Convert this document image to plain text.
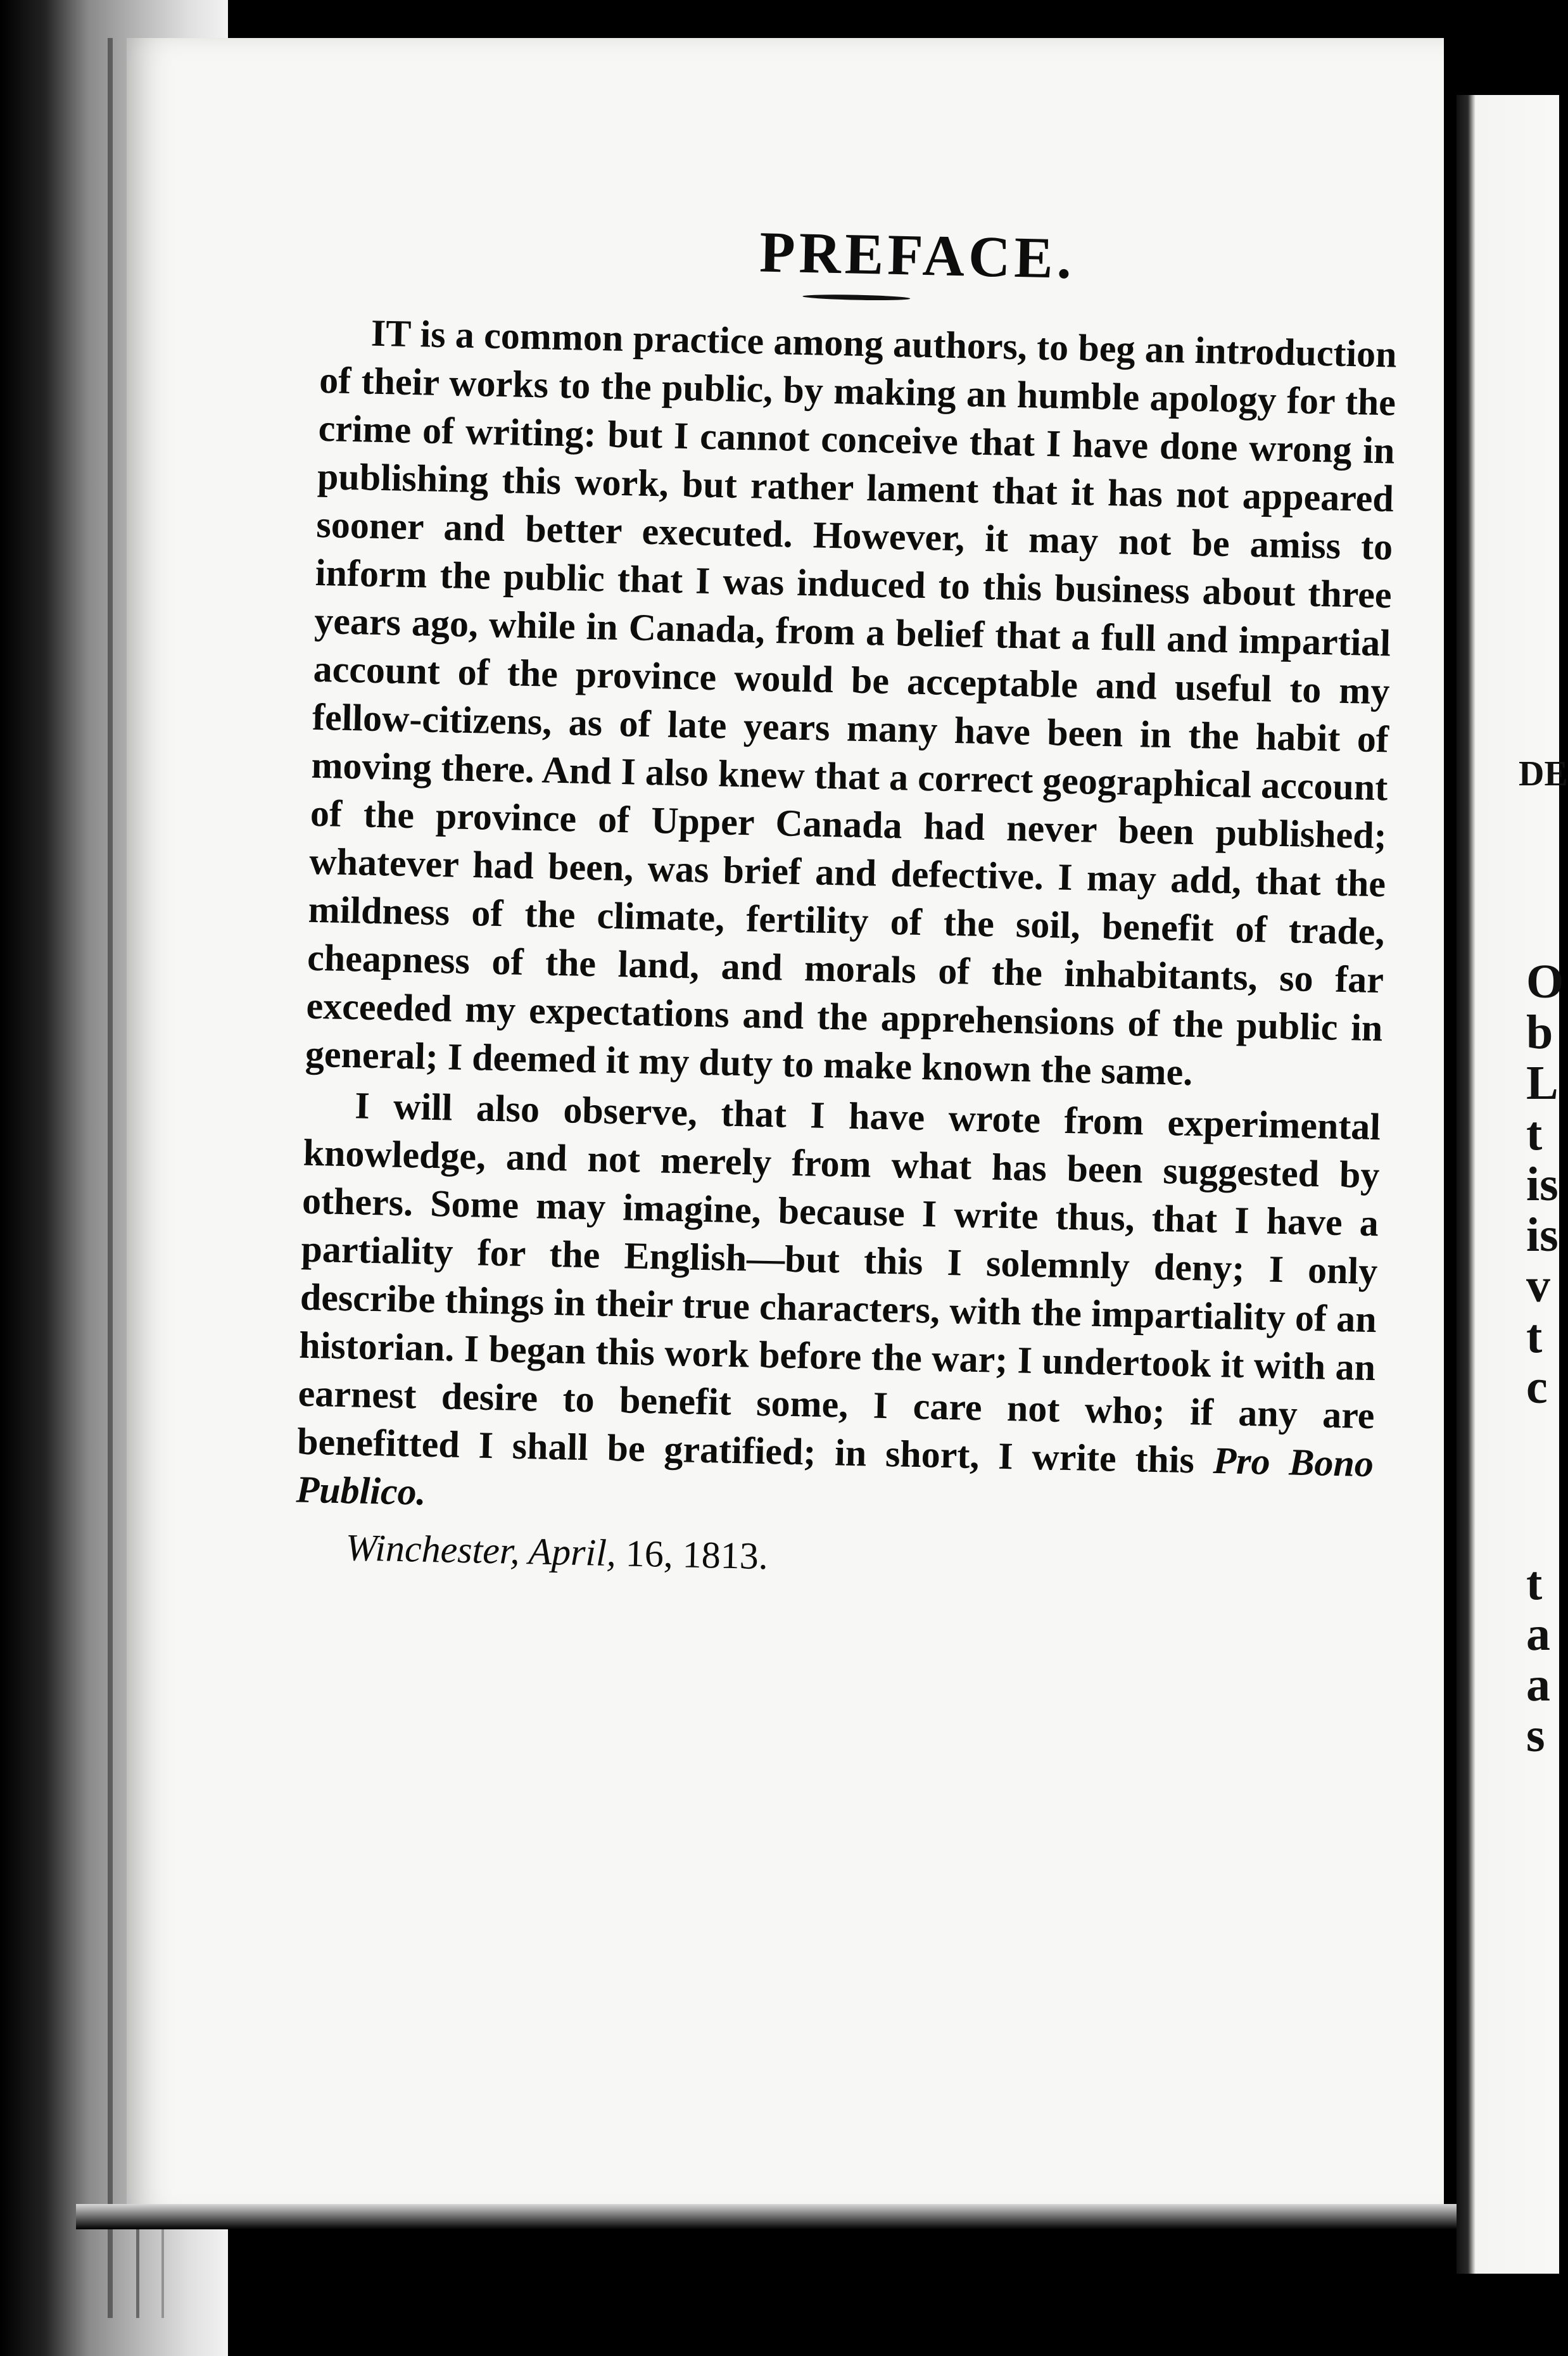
DE
O
b
L
t
is
is
v
t
c
t
a
a
s
PREFACE.

IT is a common practice among authors, to beg an introduction of their works to the public, by making an humble apology for the crime of writing: but I cannot conceive that I have done wrong in publishing this work, but rather lament that it has not appeared sooner and better executed. However, it may not be amiss to inform the public that I was induced to this business about three years ago, while in Canada, from a belief that a full and impartial account of the province would be acceptable and useful to my fellow-citizens, as of late years many have been in the habit of moving there. And I also knew that a correct geographical account of the province of Upper Canada had never been published; whatever had been, was brief and defective. I may add, that the mildness of the climate, fertility of the soil, benefit of trade, cheapness of the land, and morals of the inhabitants, so far exceeded my expectations and the apprehensions of the public in general; I deemed it my duty to make known the same.

I will also observe, that I have wrote from experimental knowledge, and not merely from what has been suggested by others. Some may imagine, because I write thus, that I have a partiality for the English—but this I solemnly deny; I only describe things in their true characters, with the impartiality of an historian. I began this work before the war; I undertook it with an earnest desire to benefit some, I care not who; if any are benefitted I shall be gratified; in short, I write this Pro Bono Publico.

Winchester, April, 16, 1813.
